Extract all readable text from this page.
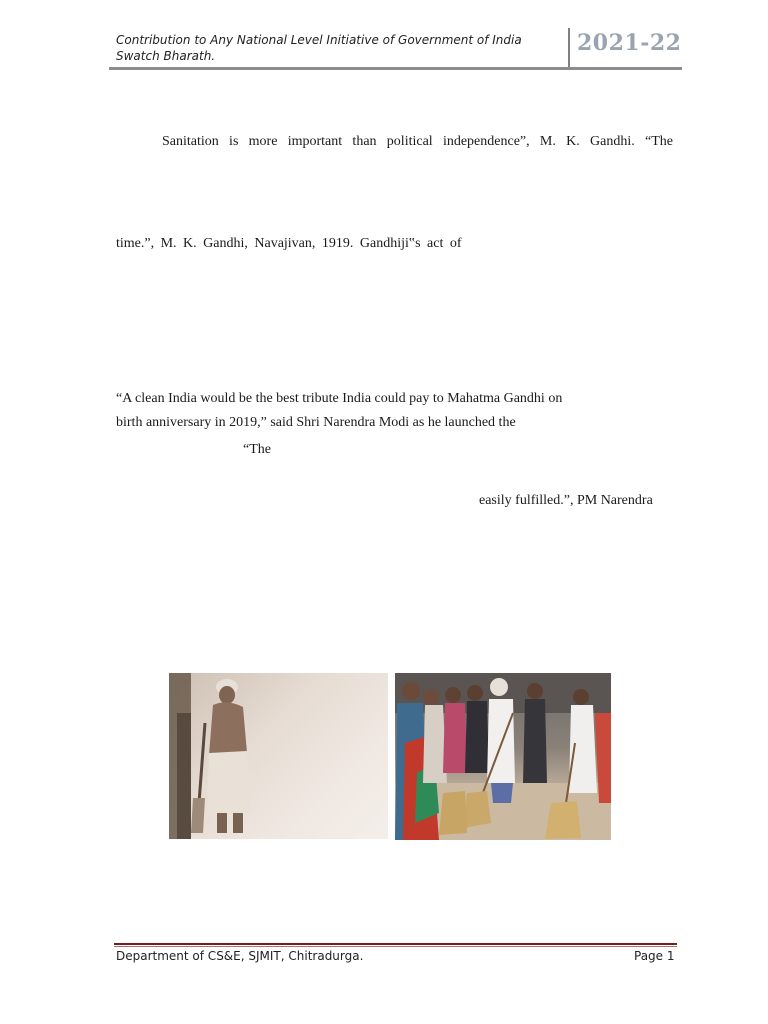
Contribution to Any National Level Initiative of Government of India
Swatch Bharath.	2021-22
Sanitation is more important than political independence”, M. K. Gandhi. “The
time.”, M. K. Gandhi, Navajivan, 1919. Gandhiji‟s act of
“A clean India would be the best tribute India could pay to Mahatma Gandhi on
birth anniversary in 2019,” said Shri Narendra Modi as he launched the
“The
easily fulfilled.”, PM Narendra
Department of CS&E, SJMIT, Chitradurga.	Page 1
